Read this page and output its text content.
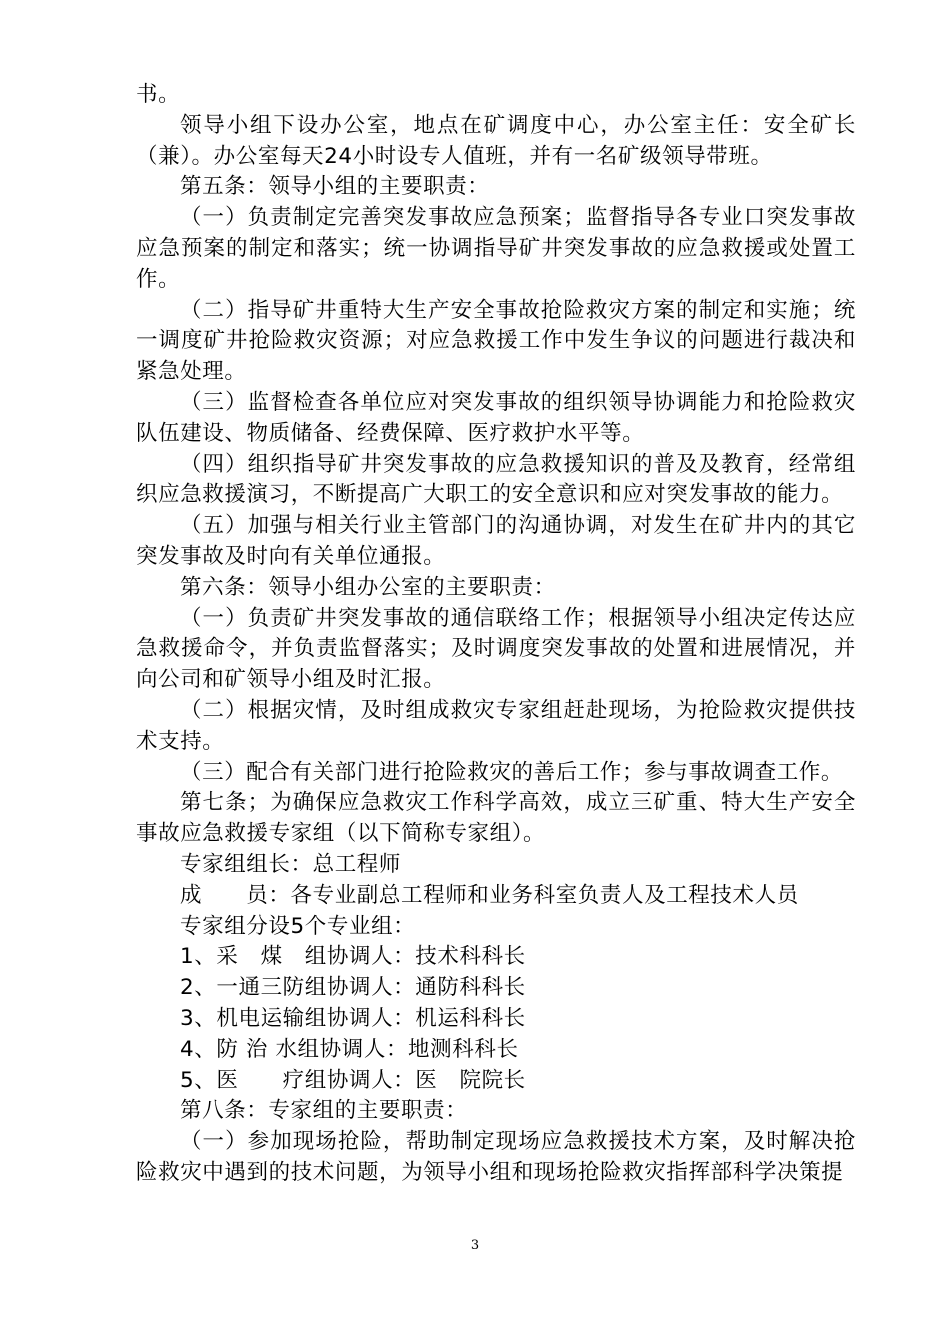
书。

领导小组下设办公室，地点在矿调度中心，办公室主任：安全矿长（兼）。办公室每天24小时设专人值班，并有一名矿级领导带班。

第五条：领导小组的主要职责：

（一）负责制定完善突发事故应急预案；监督指导各专业口突发事故应急预案的制定和落实；统一协调指导矿井突发事故的应急救援或处置工作。

（二）指导矿井重特大生产安全事故抢险救灾方案的制定和实施；统一调度矿井抢险救灾资源；对应急救援工作中发生争议的问题进行裁决和紧急处理。

（三）监督检查各单位应对突发事故的组织领导协调能力和抢险救灾队伍建设、物质储备、经费保障、医疗救护水平等。

（四）组织指导矿井突发事故的应急救援知识的普及及教育，经常组织应急救援演习，不断提高广大职工的安全意识和应对突发事故的能力。

（五）加强与相关行业主管部门的沟通协调，对发生在矿井内的其它突发事故及时向有关单位通报。

第六条：领导小组办公室的主要职责：

（一）负责矿井突发事故的通信联络工作；根据领导小组决定传达应急救援命令，并负责监督落实；及时调度突发事故的处置和进展情况，并向公司和矿领导小组及时汇报。

（二）根据灾情，及时组成救灾专家组赶赴现场，为抢险救灾提供技术支持。

（三）配合有关部门进行抢险救灾的善后工作；参与事故调查工作。

第七条；为确保应急救灾工作科学高效，成立三矿重、特大生产安全事故应急救援专家组（以下简称专家组）。

专家组组长：总工程师

成　　员：各专业副总工程师和业务科室负责人及工程技术人员

专家组分设5个专业组：

1、采　煤　组协调人：技术科科长

2、一通三防组协调人：通防科科长

3、机电运输组协调人：机运科科长

4、防 治 水组协调人：地测科科长

5、医　　疗组协调人：医　院院长

第八条：专家组的主要职责：

（一）参加现场抢险，帮助制定现场应急救援技术方案，及时解决抢险救灾中遇到的技术问题，为领导小组和现场抢险救灾指挥部科学决策提

3
